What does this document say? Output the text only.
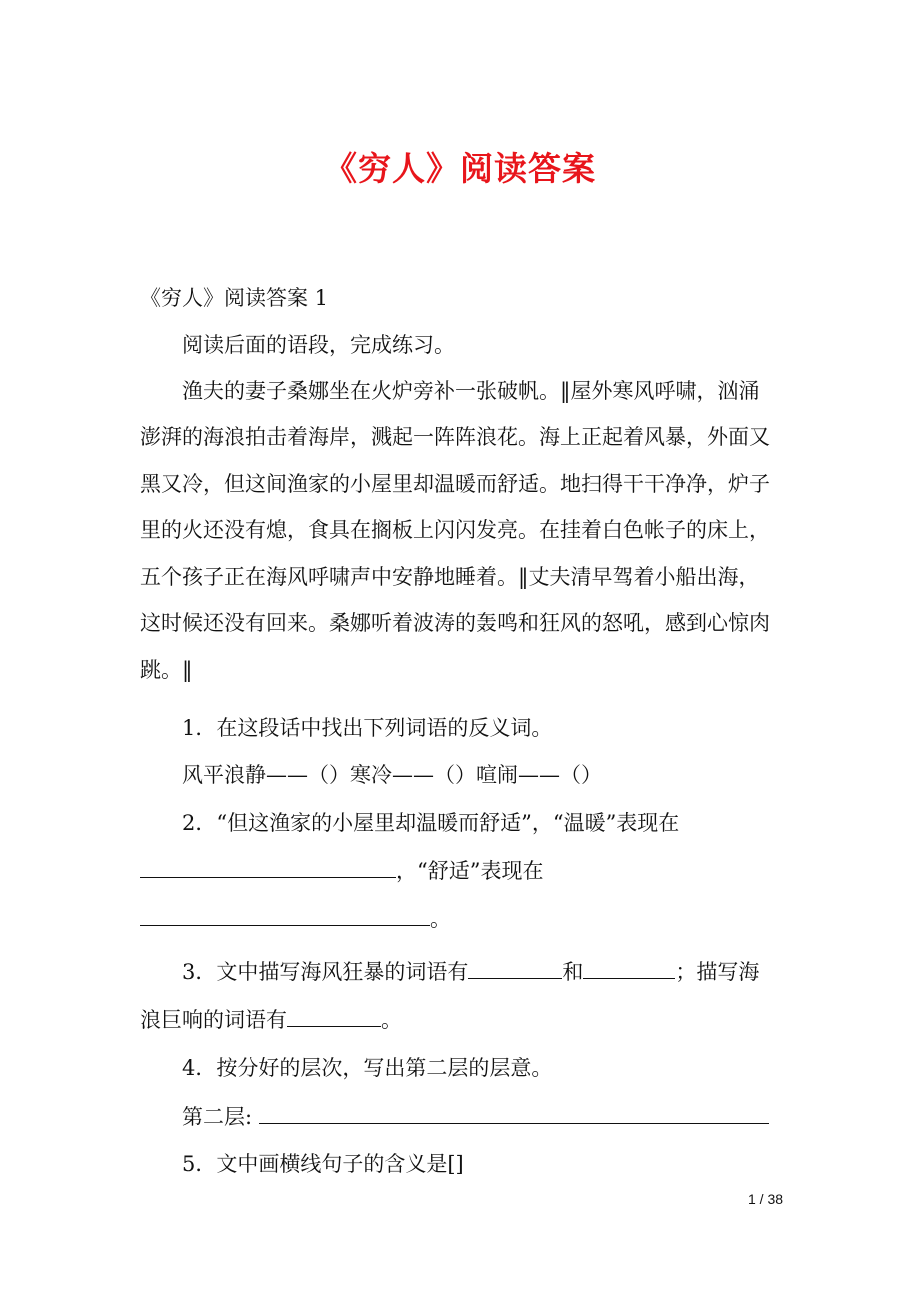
《穷人》阅读答案
《穷人》阅读答案 1
阅读后面的语段，完成练习。
渔夫的妻子桑娜坐在火炉旁补一张破帆。‖屋外寒风呼啸，汹涌
澎湃的海浪拍击着海岸，溅起一阵阵浪花。海上正起着风暴，外面又
黑又冷，但这间渔家的小屋里却温暖而舒适。地扫得干干净净，炉子
里的火还没有熄，食具在搁板上闪闪发亮。在挂着白色帐子的床上，
五个孩子正在海风呼啸声中安静地睡着。‖丈夫清早驾着小船出海，
这时候还没有回来。桑娜听着波涛的轰鸣和狂风的怒吼，感到心惊肉
跳。‖
1．在这段话中找出下列词语的反义词。
风平浪静——（）寒冷——（）喧闹——（）
2．“但这渔家的小屋里却温暖而舒适”，“温暖”表现在
，“舒适”表现在
。
3．文中描写海风狂暴的词语有	和	；描写海
浪巨响的词语有	。
4．按分好的层次，写出第二层的层意。
第二层:
5．文中画横线句子的含义是[]
1 / 38
